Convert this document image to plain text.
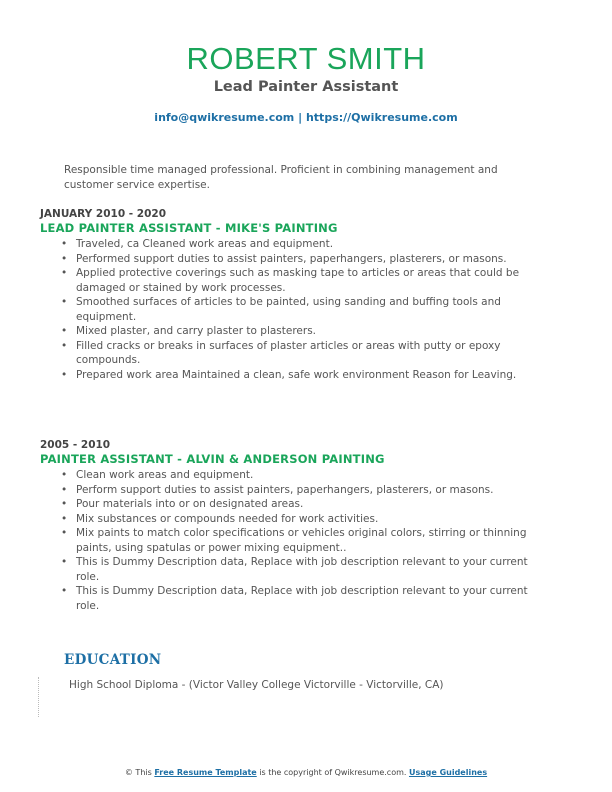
ROBERT SMITH
Lead Painter Assistant
info@qwikresume.com | https://Qwikresume.com
Responsible time managed professional. Proficient in combining management and customer service expertise.
JANUARY 2010 - 2020
LEAD PAINTER ASSISTANT - MIKE'S PAINTING
• Traveled, ca Cleaned work areas and equipment.
• Performed support duties to assist painters, paperhangers, plasterers, or masons.
• Applied protective coverings such as masking tape to articles or areas that could be damaged or stained by work processes.
• Smoothed surfaces of articles to be painted, using sanding and buffing tools and equipment.
• Mixed plaster, and carry plaster to plasterers.
• Filled cracks or breaks in surfaces of plaster articles or areas with putty or epoxy compounds.
• Prepared work area Maintained a clean, safe work environment Reason for Leaving.
2005 - 2010
PAINTER ASSISTANT - ALVIN & ANDERSON PAINTING
• Clean work areas and equipment.
• Perform support duties to assist painters, paperhangers, plasterers, or masons.
• Pour materials into or on designated areas.
• Mix substances or compounds needed for work activities.
• Mix paints to match color specifications or vehicles original colors, stirring or thinning paints, using spatulas or power mixing equipment..
• This is Dummy Description data, Replace with job description relevant to your current role.
• This is Dummy Description data, Replace with job description relevant to your current role.
EDUCATION
High School Diploma - (Victor Valley College Victorville - Victorville, CA)
© This Free Resume Template is the copyright of Qwikresume.com. Usage Guidelines
